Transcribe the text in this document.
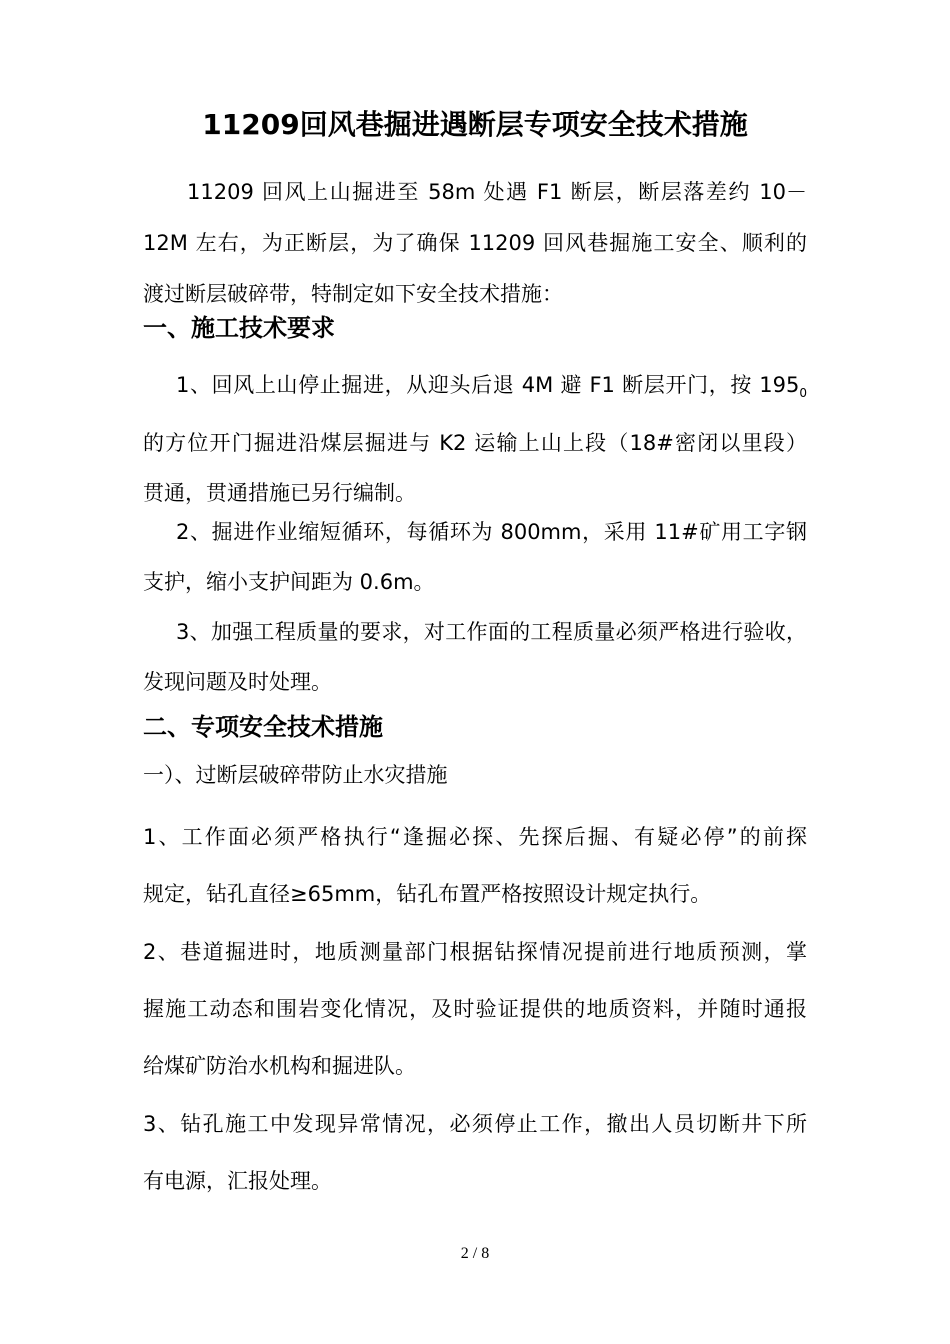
11209回风巷掘进遇断层专项安全技术措施
11209 回风上山掘进至 58m 处遇 F1 断层，断层落差约 10－
12M 左右，为正断层，为了确保 11209 回风巷掘施工安全、顺利的
渡过断层破碎带，特制定如下安全技术措施：
一、施工技术要求
1、回风上山停止掘进，从迎头后退 4M 避 F1 断层开门，按 $195_0$
的方位开门掘进沿煤层掘进与 K2 运输上山上段（18#密闭以里段）
贯通，贯通措施已另行编制。
2、掘进作业缩短循环，每循环为 800mm，采用 11#矿用工字钢
支护，缩小支护间距为 0.6m。
3、加强工程质量的要求，对工作面的工程质量必须严格进行验收，
发现问题及时处理。
二、专项安全技术措施
一）、过断层破碎带防止水灾措施
1、工作面必须严格执行“逢掘必探、先探后掘、有疑必停”的前探
规定，钻孔直径≥65mm，钻孔布置严格按照设计规定执行。
2、巷道掘进时，地质测量部门根据钻探情况提前进行地质预测，掌
握施工动态和围岩变化情况，及时验证提供的地质资料，并随时通报
给煤矿防治水机构和掘进队。
3、钻孔施工中发现异常情况，必须停止工作，撤出人员切断井下所
有电源，汇报处理。
2 / 8
